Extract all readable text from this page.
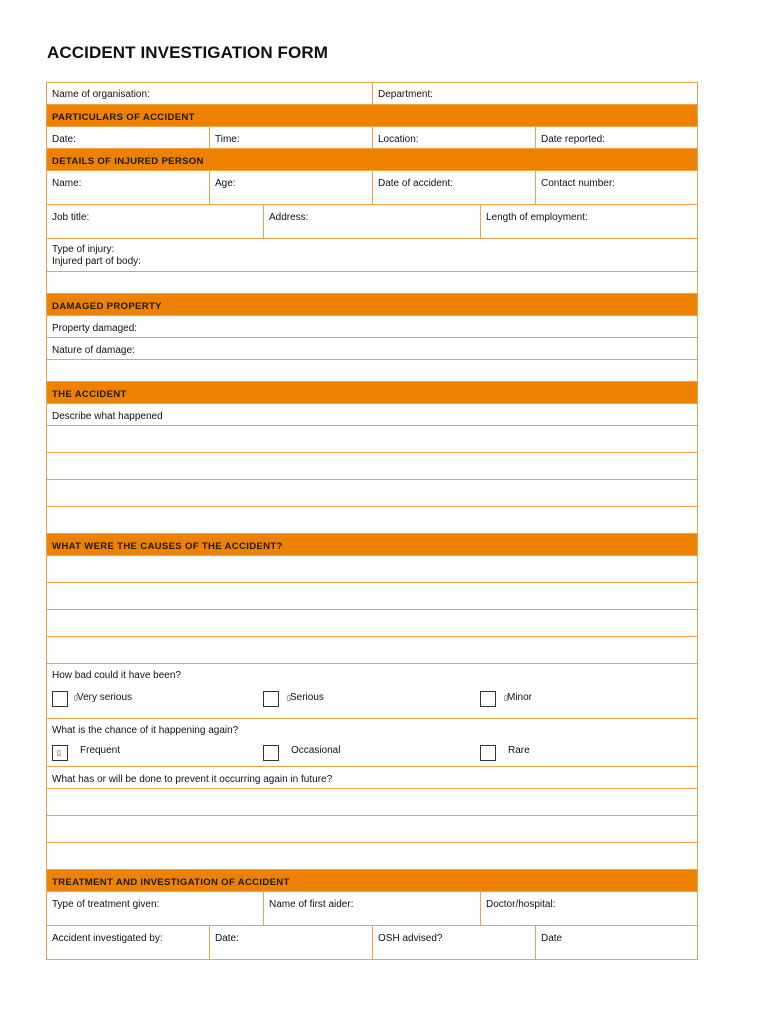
ACCIDENT INVESTIGATION FORM
Name of organisation:	Department:
PARTICULARS OF ACCIDENT
Date:	Time:	Location:	Date reported:
DETAILS OF INJURED PERSON
Name:	Age:	Date of accident:	Contact number:
Job title:	Address:	Length of employment:
Type of injury:
Injured part of body:
DAMAGED PROPERTY
Property damaged:
Nature of damage:
THE ACCIDENT
Describe what happened
WHAT WERE THE CAUSES OF THE ACCIDENT?
How bad could it have been?
▯ Very serious	▯ Serious	▯ Minor
What is the chance of it happening again?
▯ Frequent	Occasional	Rare
What has or will be done to prevent it occurring again in future?
TREATMENT AND INVESTIGATION OF ACCIDENT
Type of treatment given:	Name of first aider:	Doctor/hospital:
Accident investigated by:	Date:	OSH advised?	Date
